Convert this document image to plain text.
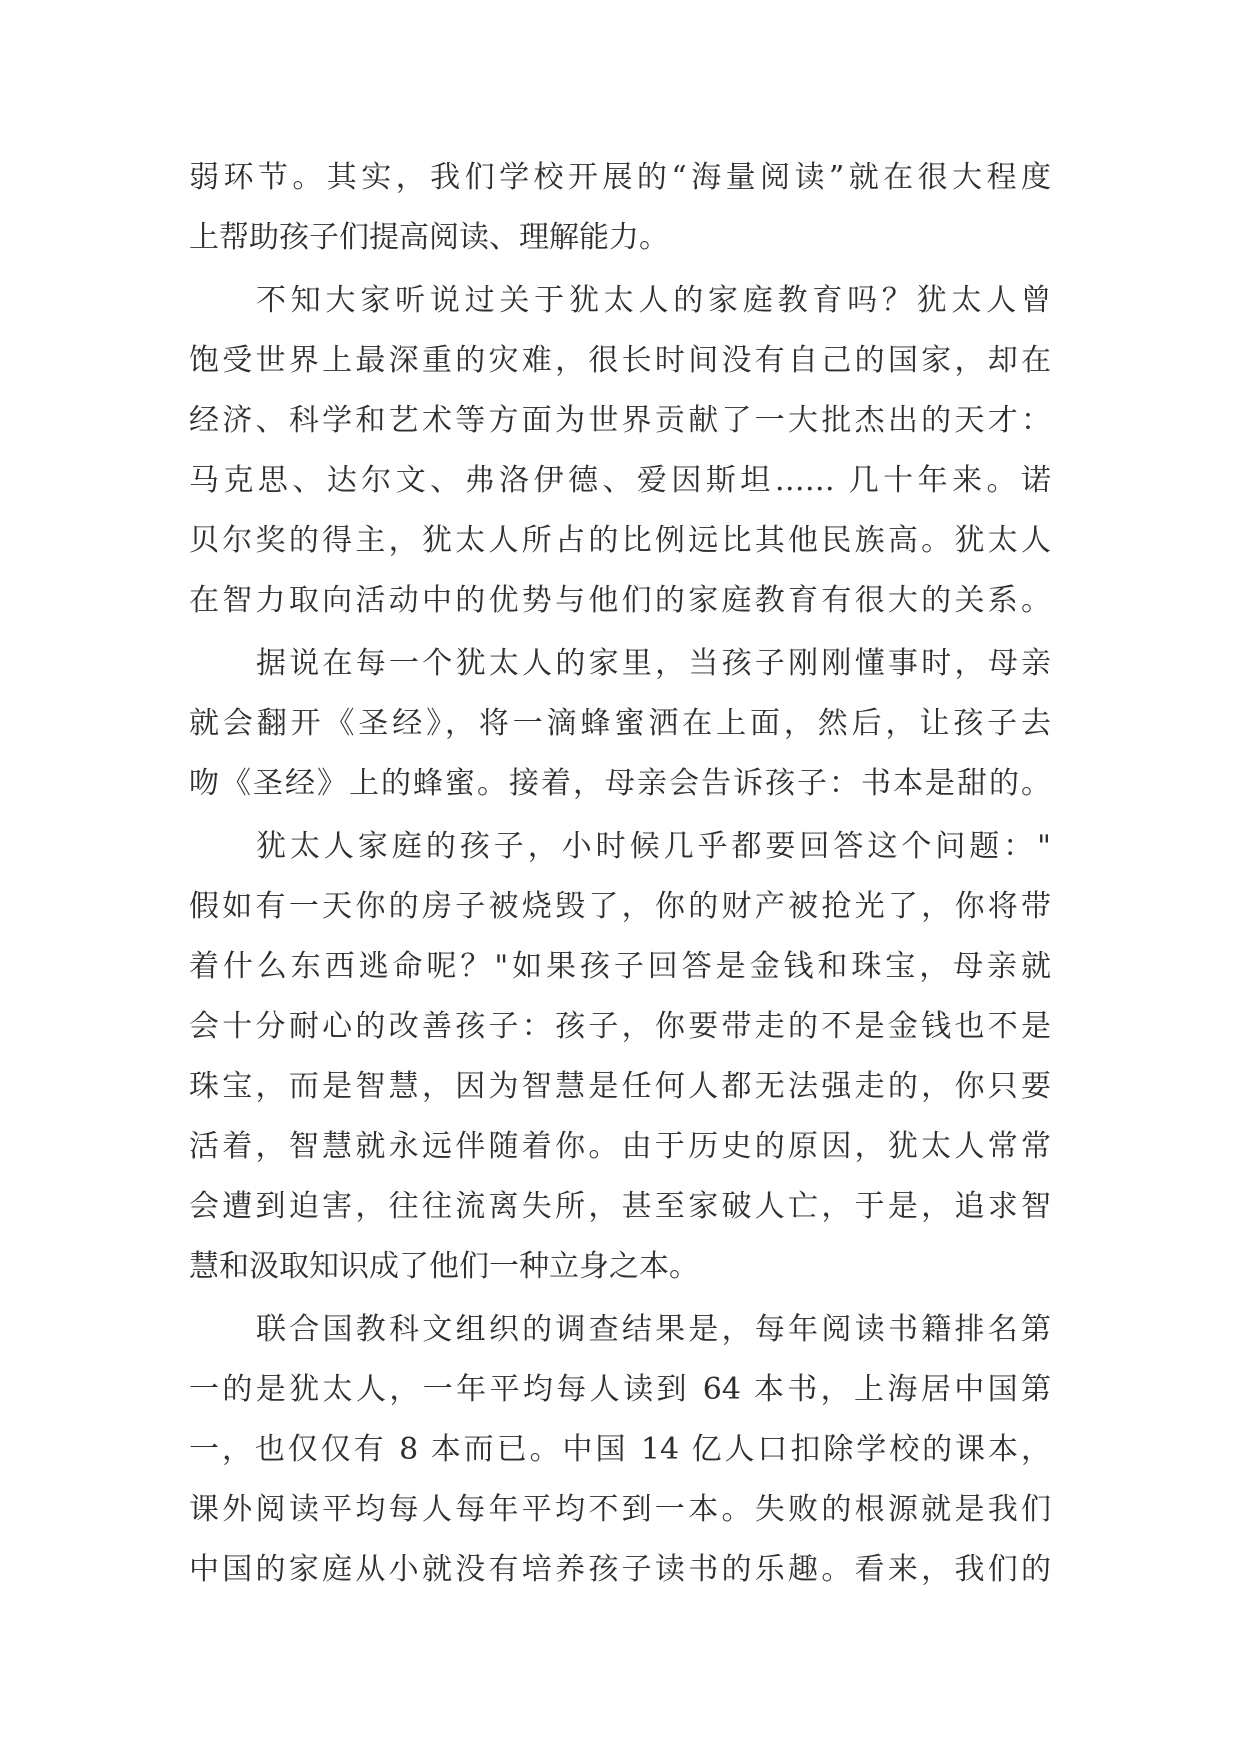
弱环节。其实，我们学校开展的“海量阅读”就在很大程度
上帮助孩子们提高阅读、理解能力。
不知大家听说过关于犹太人的家庭教育吗？犹太人曾
饱受世界上最深重的灾难，很长时间没有自己的国家，却在
经济、科学和艺术等方面为世界贡献了一大批杰出的天才：
马克思、达尔文、弗洛伊德、爱因斯坦…… 几十年来。诺
贝尔奖的得主，犹太人所占的比例远比其他民族高。犹太人
在智力取向活动中的优势与他们的家庭教育有很大的关系。
据说在每一个犹太人的家里，当孩子刚刚懂事时，母亲
就会翻开《圣经》，将一滴蜂蜜洒在上面，然后，让孩子去
吻《圣经》上的蜂蜜。接着，母亲会告诉孩子：书本是甜的。
犹太人家庭的孩子，小时候几乎都要回答这个问题："
假如有一天你的房子被烧毁了，你的财产被抢光了，你将带
着什么东西逃命呢？"如果孩子回答是金钱和珠宝，母亲就
会十分耐心的改善孩子：孩子，你要带走的不是金钱也不是
珠宝，而是智慧，因为智慧是任何人都无法强走的，你只要
活着，智慧就永远伴随着你。由于历史的原因，犹太人常常
会遭到迫害，往往流离失所，甚至家破人亡，于是，追求智
慧和汲取知识成了他们一种立身之本。
联合国教科文组织的调查结果是，每年阅读书籍排名第
一的是犹太人，一年平均每人读到 64 本书，上海居中国第
一，也仅仅有 8 本而已。中国 14 亿人口扣除学校的课本，
课外阅读平均每人每年平均不到一本。失败的根源就是我们
中国的家庭从小就没有培养孩子读书的乐趣。看来，我们的
